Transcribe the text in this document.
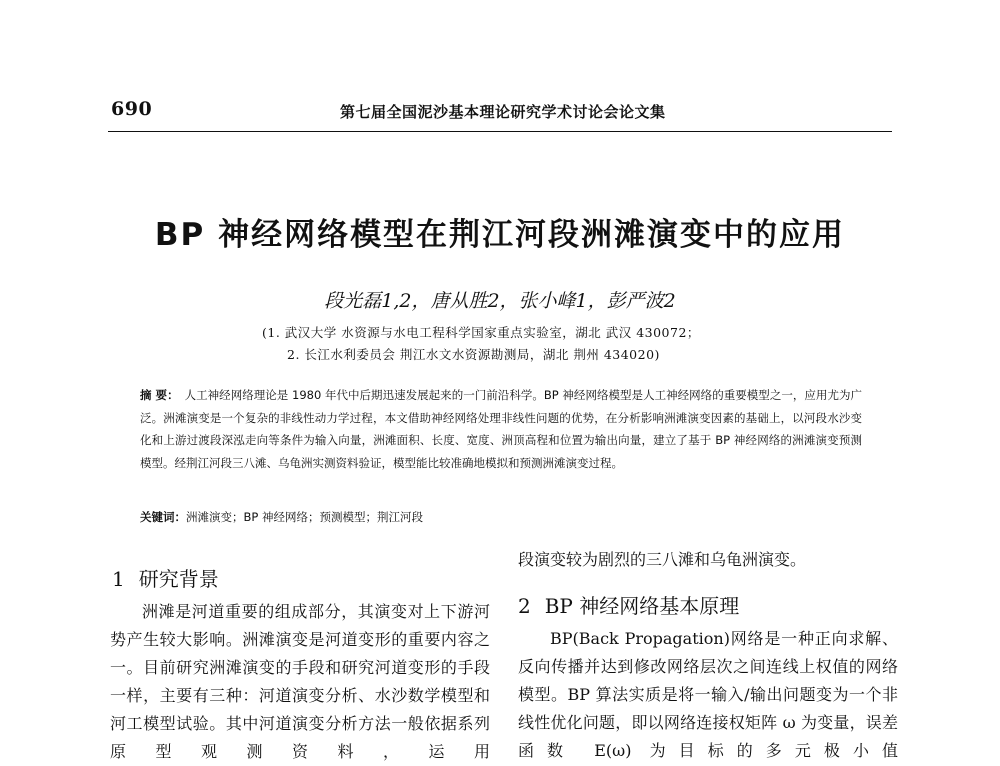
690	第七届全国泥沙基本理论研究学术讨论会论文集
BP 神经网络模型在荆江河段洲滩演变中的应用
段光磊1,2，唐从胜2，张小峰1，彭严波2
(1. 武汉大学 水资源与水电工程科学国家重点实验室，湖北 武汉 430072；
2. 长江水利委员会 荆江水文水资源勘测局，湖北 荆州 434020)
摘 要： 人工神经网络理论是 1980 年代中后期迅速发展起来的一门前沿科学。BP 神经网络模型是人工神经网络的重要模型之一，应用尤为广泛。洲滩演变是一个复杂的非线性动力学过程，本文借助神经网络处理非线性问题的优势，在分析影响洲滩演变因素的基础上，以河段水沙变化和上游过渡段深泓走向等条件为输入向量，洲滩面积、长度、宽度、洲顶高程和位置为输出向量，建立了基于 BP 神经网络的洲滩演变预测模型。经荆江河段三八滩、乌龟洲实测资料验证，模型能比较准确地模拟和预测洲滩演变过程。
关键词：洲滩演变；BP 神经网络；预测模型；荆江河段
1 研究背景
洲滩是河道重要的组成部分，其演变对上下游河势产生较大影响。洲滩演变是河道变形的重要内容之一。目前研究洲滩演变的手段和研究河道变形的手段一样，主要有三种：河道演变分析、水沙数学模型和河工模型试验。其中河道演变分析方法一般依据系列原型观测资料，运用
段演变较为剧烈的三八滩和乌龟洲演变。
2 BP 神经网络基本原理
BP(Back Propagation)网络是一种正向求解、反向传播并达到修改网络层次之间连线上权值的网络模型。BP 算法实质是将一输入/输出问题变为一个非线性优化问题，即以网络连接权矩阵 ω 为变量，误差函数 E(ω) 为目标的多元极小值
